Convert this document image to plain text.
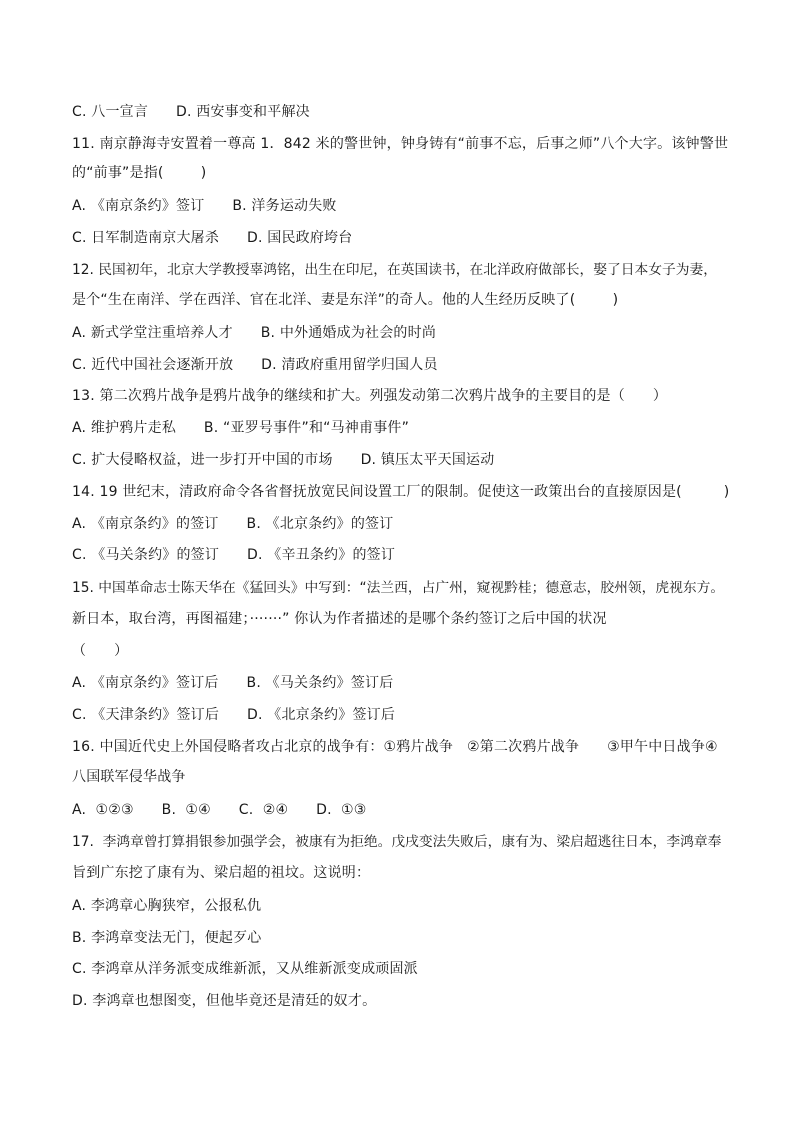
C. 八一宣言      D. 西安事变和平解决
11. 南京静海寺安置着一尊高 1．842 米的警世钟，钟身铸有“前事不忘，后事之师”八个大字。该钟警世
的“前事”是指(        )
A. 《南京条约》签订      B. 洋务运动失败
C. 日军制造南京大屠杀      D. 国民政府垮台
12. 民国初年，北京大学教授辜鸿铭，出生在印尼，在英国读书，在北洋政府做部长，娶了日本女子为妻，
是个“生在南洋、学在西洋、官在北洋、妻是东洋”的奇人。他的人生经历反映了(        )
A. 新式学堂注重培养人才      B. 中外通婚成为社会的时尚
C. 近代中国社会逐渐开放      D. 清政府重用留学归国人员
13. 第二次鸦片战争是鸦片战争的继续和扩大。列强发动第二次鸦片战争的主要目的是（      ）
A. 维护鸦片走私      B. “亚罗号事件”和“马神甫事件”
C. 扩大侵略权益，进一步打开中国的市场      D. 镇压太平天国运动
14. 19 世纪末，清政府命令各省督抚放宽民间设置工厂的限制。促使这一政策出台的直接原因是(         )
A. 《南京条约》的签订      B. 《北京条约》的签订
C. 《马关条约》的签订      D. 《辛丑条约》的签订
15. 中国革命志士陈天华在《猛回头》中写到：“法兰西，占广州，窥视黔桂；德意志，胶州领，虎视东方。
新日本，取台湾，再图福建；·······” 你认为作者描述的是哪个条约签订之后中国的状况
（      ）
A. 《南京条约》签订后      B. 《马关条约》签订后
C. 《天津条约》签订后      D. 《北京条约》签订后
16. 中国近代史上外国侵略者攻占北京的战争有：①鸦片战争   ②第二次鸦片战争      ③甲午中日战争④
八国联军侵华战争
A.  ①②③      B.  ①④      C.  ②④      D.  ①③
17.  李鸿章曾打算捐银参加强学会，被康有为拒绝。戊戌变法失败后，康有为、梁启超逃往日本，李鸿章奉
旨到广东挖了康有为、梁启超的祖坟。这说明：
A. 李鸿章心胸狭窄，公报私仇
B. 李鸿章变法无门，便起歹心
C. 李鸿章从洋务派变成维新派，又从维新派变成顽固派
D. 李鸿章也想图变，但他毕竟还是清廷的奴才。
